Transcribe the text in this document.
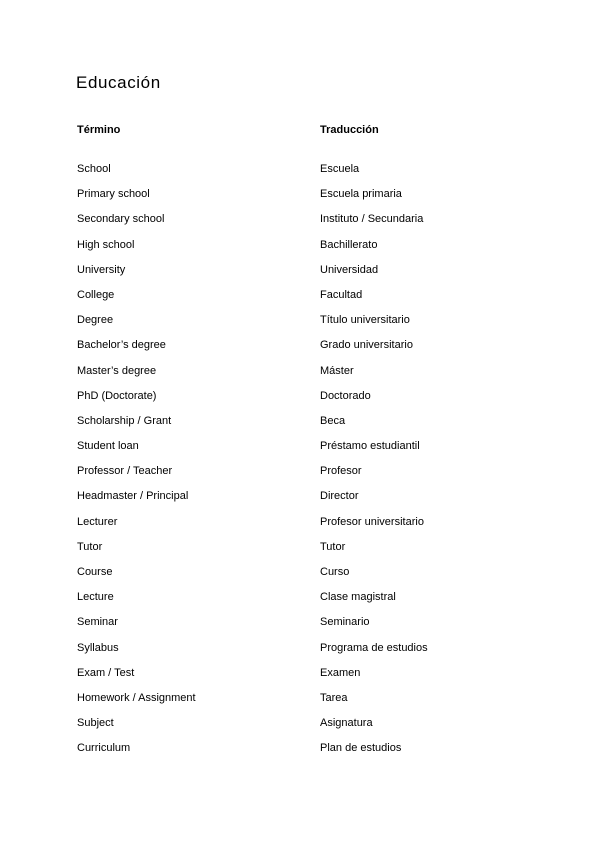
Educación
Término	Traducción
School	Escuela
Primary school	Escuela primaria
Secondary school	Instituto / Secundaria
High school	Bachillerato
University	Universidad
College	Facultad
Degree	Título universitario
Bachelor’s degree	Grado universitario
Master’s degree	Máster
PhD (Doctorate)	Doctorado
Scholarship / Grant	Beca
Student loan	Préstamo estudiantil
Professor / Teacher	Profesor
Headmaster / Principal	Director
Lecturer	Profesor universitario
Tutor	Tutor
Course	Curso
Lecture	Clase magistral
Seminar	Seminario
Syllabus	Programa de estudios
Exam / Test	Examen
Homework / Assignment	Tarea
Subject	Asignatura
Curriculum	Plan de estudios
